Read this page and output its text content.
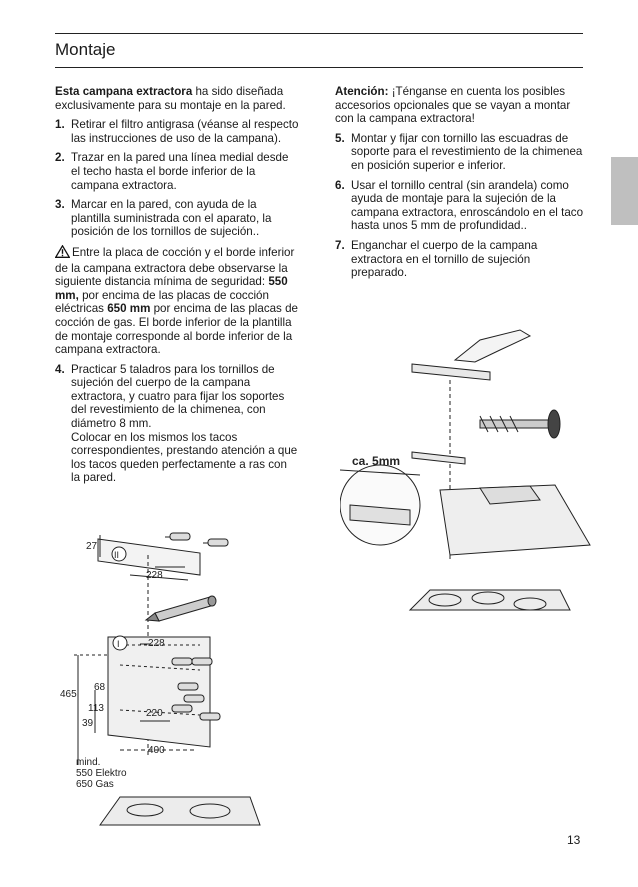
Montaje

Esta campana extractora ha sido diseñada exclusivamente para su montaje en la pared.

1. Retirar el filtro antigrasa (véanse al respecto las instrucciones de uso de la campana).
2. Trazar en la pared una línea medial desde el techo hasta el borde inferior de la campana extractora.
3. Marcar en la pared, con ayuda de la plantilla suministrada con el aparato, la posición de los tornillos de sujeción..

Entre la placa de cocción y el borde inferior de la campana extractora debe observarse la siguiente distancia mínima de seguridad: 550 mm, por encima de las placas de cocción eléctricas 650 mm por encima de las placas de cocción de gas. El borde inferior de la plantilla de montaje corresponde al borde inferior de la campana extractora.

4. Practicar 5 taladros para los tornillos de sujeción del cuerpo de la campana extractora, y cuatro para fijar los soportes del revestimiento de la chimenea, con diámetro 8 mm.
Colocar en los mismos los tacos correspondientes, prestando atención a que los tacos queden perfectamente a ras con la pared.

Atención: ¡Ténganse en cuenta los posibles accesorios opcionales que se vayan a montar con la campana extractora!

5. Montar y fijar con tornillo las escuadras de soporte para el revestimiento de la chimenea en posición superior e inferior.
6. Usar el tornillo central (sin arandela) como ayuda de montaje para la sujeción de la campana extractora, enroscándolo en el taco hasta unos 5 mm de profundidad..
7. Enganchar el cuerpo de la campana extractora en el tornillo de sujeción preparado.
II
I
27
228
228
465
68
113
39
220
400
mind.
550 Elektro
650 Gas
ca. 5mm
13
